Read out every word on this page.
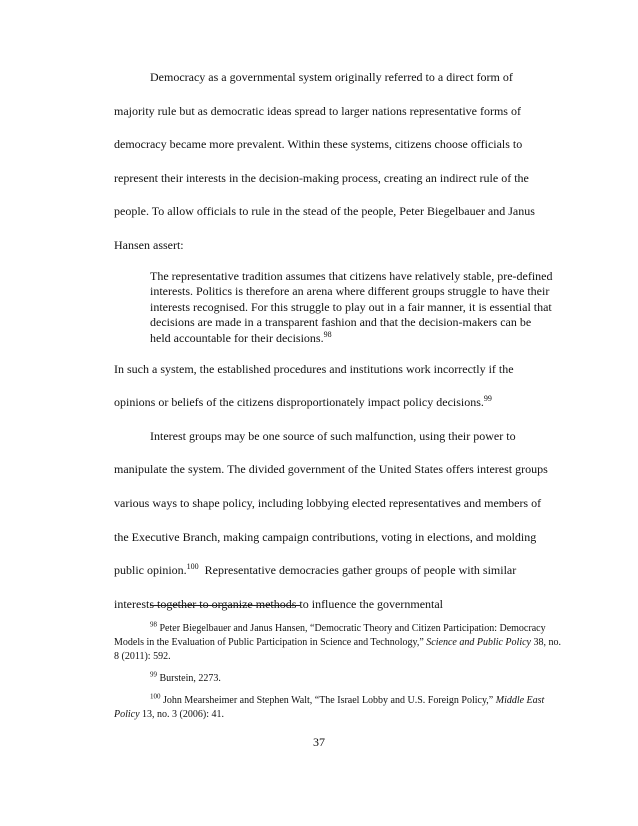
Democracy as a governmental system originally referred to a direct form of majority rule but as democratic ideas spread to larger nations representative forms of democracy became more prevalent. Within these systems, citizens choose officials to represent their interests in the decision-making process, creating an indirect rule of the people. To allow officials to rule in the stead of the people, Peter Biegelbauer and Janus Hansen assert:

The representative tradition assumes that citizens have relatively stable, pre-defined interests. Politics is therefore an arena where different groups struggle to have their interests recognised. For this struggle to play out in a fair manner, it is essential that decisions are made in a transparent fashion and that the decision-makers can be held accountable for their decisions.$^{98}$

In such a system, the established procedures and institutions work incorrectly if the opinions or beliefs of the citizens disproportionately impact policy decisions.$^{99}$

Interest groups may be one source of such malfunction, using their power to manipulate the system. The divided government of the United States offers interest groups various ways to shape policy, including lobbying elected representatives and members of the Executive Branch, making campaign contributions, voting in elections, and molding public opinion.$^{100}$  Representative democracies gather groups of people with similar interests together to organize methods to influence the governmental

$^{98}$ Peter Biegelbauer and Janus Hansen, “Democratic Theory and Citizen Participation: Democracy Models in the Evaluation of Public Participation in Science and Technology,” Science and Public Policy 38, no. 8 (2011): 592.

$^{99}$ Burstein, 2273.

$^{100}$ John Mearsheimer and Stephen Walt, “The Israel Lobby and U.S. Foreign Policy,” Middle East Policy 13, no. 3 (2006): 41.

37
